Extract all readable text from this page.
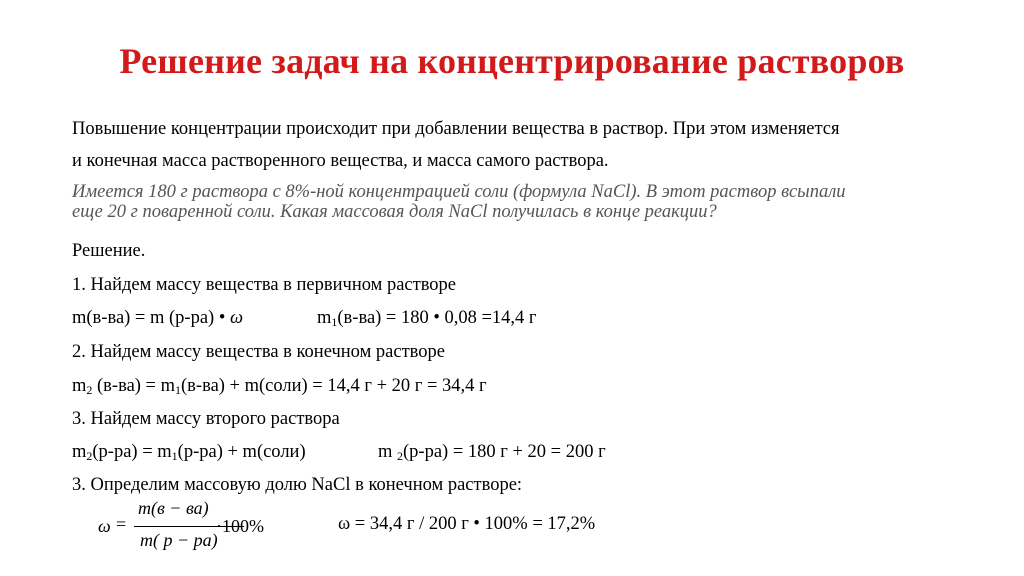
Решение задач на концентрирование растворов
Повышение концентрации происходит при добавлении вещества в раствор. При этом изменяется
и конечная масса растворенного вещества, и масса самого раствора.
Имеется 180 г раствора с 8%-ной концентрацией соли (формула NaCl). В этот раствор всыпали
еще 20 г поваренной соли. Какая массовая доля NaCl получилась в конце реакции?
Решение.
1. Найдем массу вещества в первичном растворе
m(в-ва) = m (р-ра) • ω	$m_1(в-ва) = 180$ • 0,08 =14,4 г
2. Найдем массу вещества в конечном растворе
$m_2$ $(в-ва) = m_1(в-ва)$ + m(соли) = 14,4 г + 20 г = 34,4 г
3. Найдем массу второго раствора
$m_2(р-ра) = m_1(р-ра)$ + m(соли)	m $_2$(р-ра) = 180 г + 20 = 200 г
3. Определим массовую долю NaCl в конечном растворе:
ω =
m(в − ва)
m( р − ра)
·100%	ω = 34,4 г / 200 г • 100% = 17,2%
